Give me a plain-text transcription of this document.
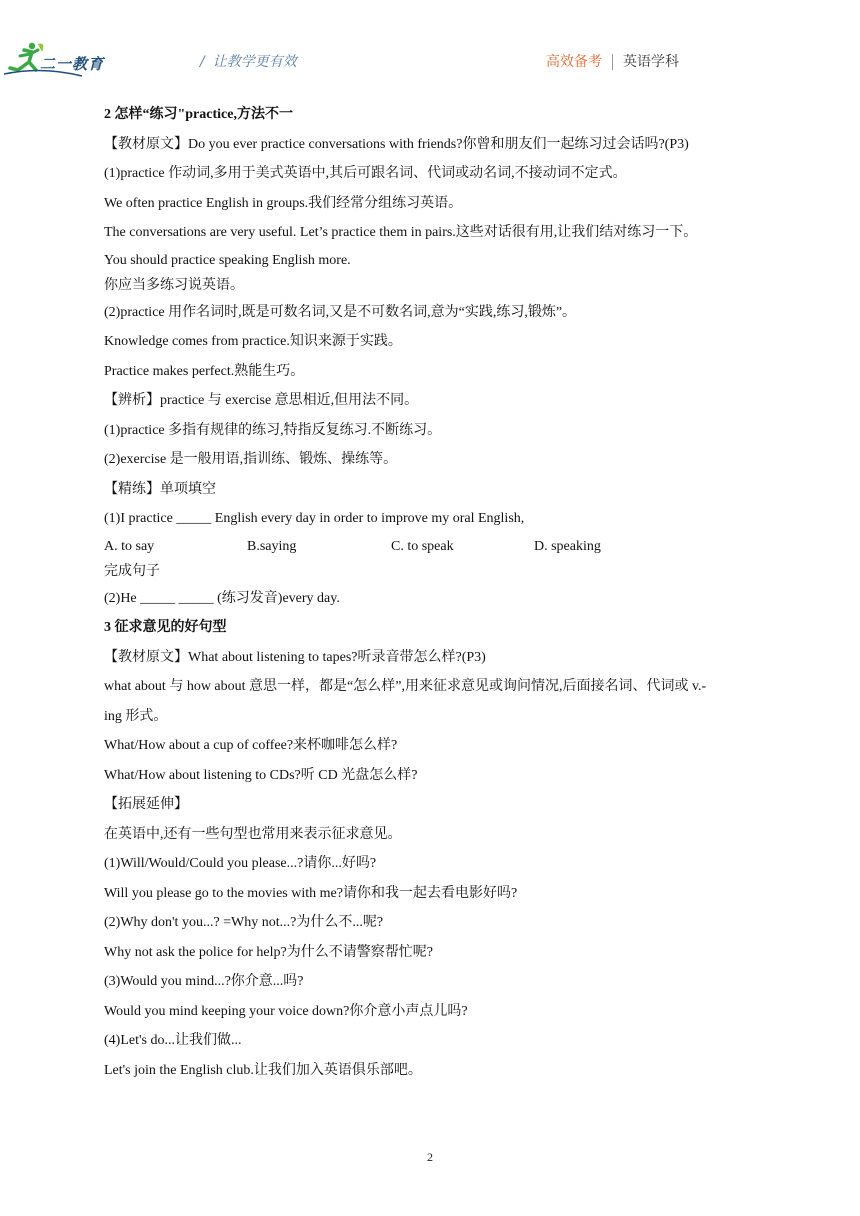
二一教育	/ 让教学更有效	高效备考 英语学科
2 怎样“练习"practice,方法不一
【教材原文】Do you ever practice conversations with friends?你曾和朋友们一起练习过会话吗?(P3)
(1)practice 作动词,多用于美式英语中,其后可跟名词、代词或动名词,不接动词不定式。
We often practice English in groups.我们经常分组练习英语。
The conversations are very useful. Let’s practice them in pairs.这些对话很有用,让我们结对练习一下。
You should practice speaking English more.
你应当多练习说英语。
(2)practice 用作名词时,既是可数名词,又是不可数名词,意为“实践,练习,锻炼”。
Knowledge comes from practice.知识来源于实践。
Practice makes perfect.熟能生巧。
【辨析】practice 与 exercise 意思相近,但用法不同。
(1)practice 多指有规律的练习,特指反复练习.不断练习。
(2)exercise 是一般用语,指训练、锻炼、操练等。
【精练】单项填空
(1)I practice _____ English every day in order to improve my oral English,
A. to say	B.saying	C. to speak	D. speaking
完成句子
(2)He _____ _____ (练习发音)every day.
3 征求意见的好句型
【教材原文】What about listening to tapes?听录音带怎么样?(P3)
what about 与 how about 意思一样，都是“怎么样”,用来征求意见或询问情况,后面接名词、代词或 v.-
ing 形式。
What/How about a cup of coffee?来杯咖啡怎么样?
What/How about listening to CDs?听 CD 光盘怎么样?
【拓展延伸】
在英语中,还有一些句型也常用来表示征求意见。
(1)Will/Would/Could you please...?请你...好吗?
Will you please go to the movies with me?请你和我一起去看电影好吗?
(2)Why don't you...? =Why not...?为什么不...呢?
Why not ask the police for help?为什么不请警察帮忙呢?
(3)Would you mind...?你介意...吗?
Would you mind keeping your voice down?你介意小声点儿吗?
(4)Let's do...让我们做...
Let's join the English club.让我们加入英语俱乐部吧。
2
